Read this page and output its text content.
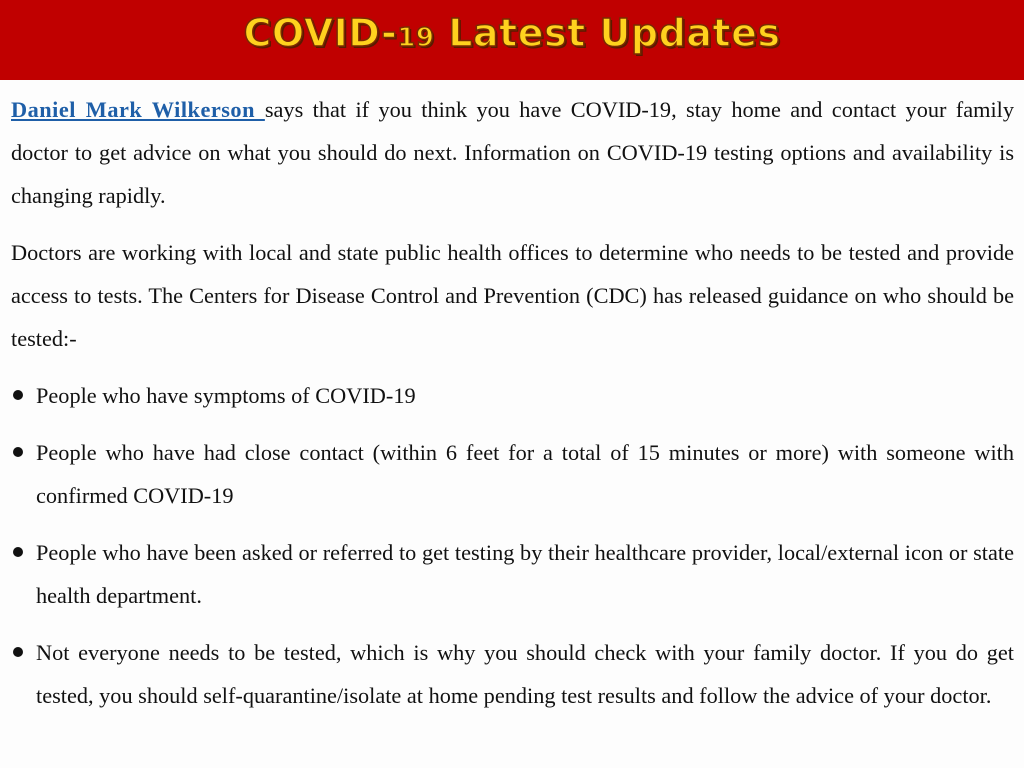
COVID-19 Latest Updates

Daniel Mark Wilkerson says that if you think you have COVID-19, stay home and contact your family doctor to get advice on what you should do next. Information on COVID-19 testing options and availability is changing rapidly.

Doctors are working with local and state public health offices to determine who needs to be tested and provide access to tests. The Centers for Disease Control and Prevention (CDC) has released guidance on who should be tested:-

People who have symptoms of COVID-19
People who have had close contact (within 6 feet for a total of 15 minutes or more) with someone with confirmed COVID-19
People who have been asked or referred to get testing by their healthcare provider, local/external icon or state health department.
Not everyone needs to be tested, which is why you should check with your family doctor. If you do get tested, you should self-quarantine/isolate at home pending test results and follow the advice of your doctor.
